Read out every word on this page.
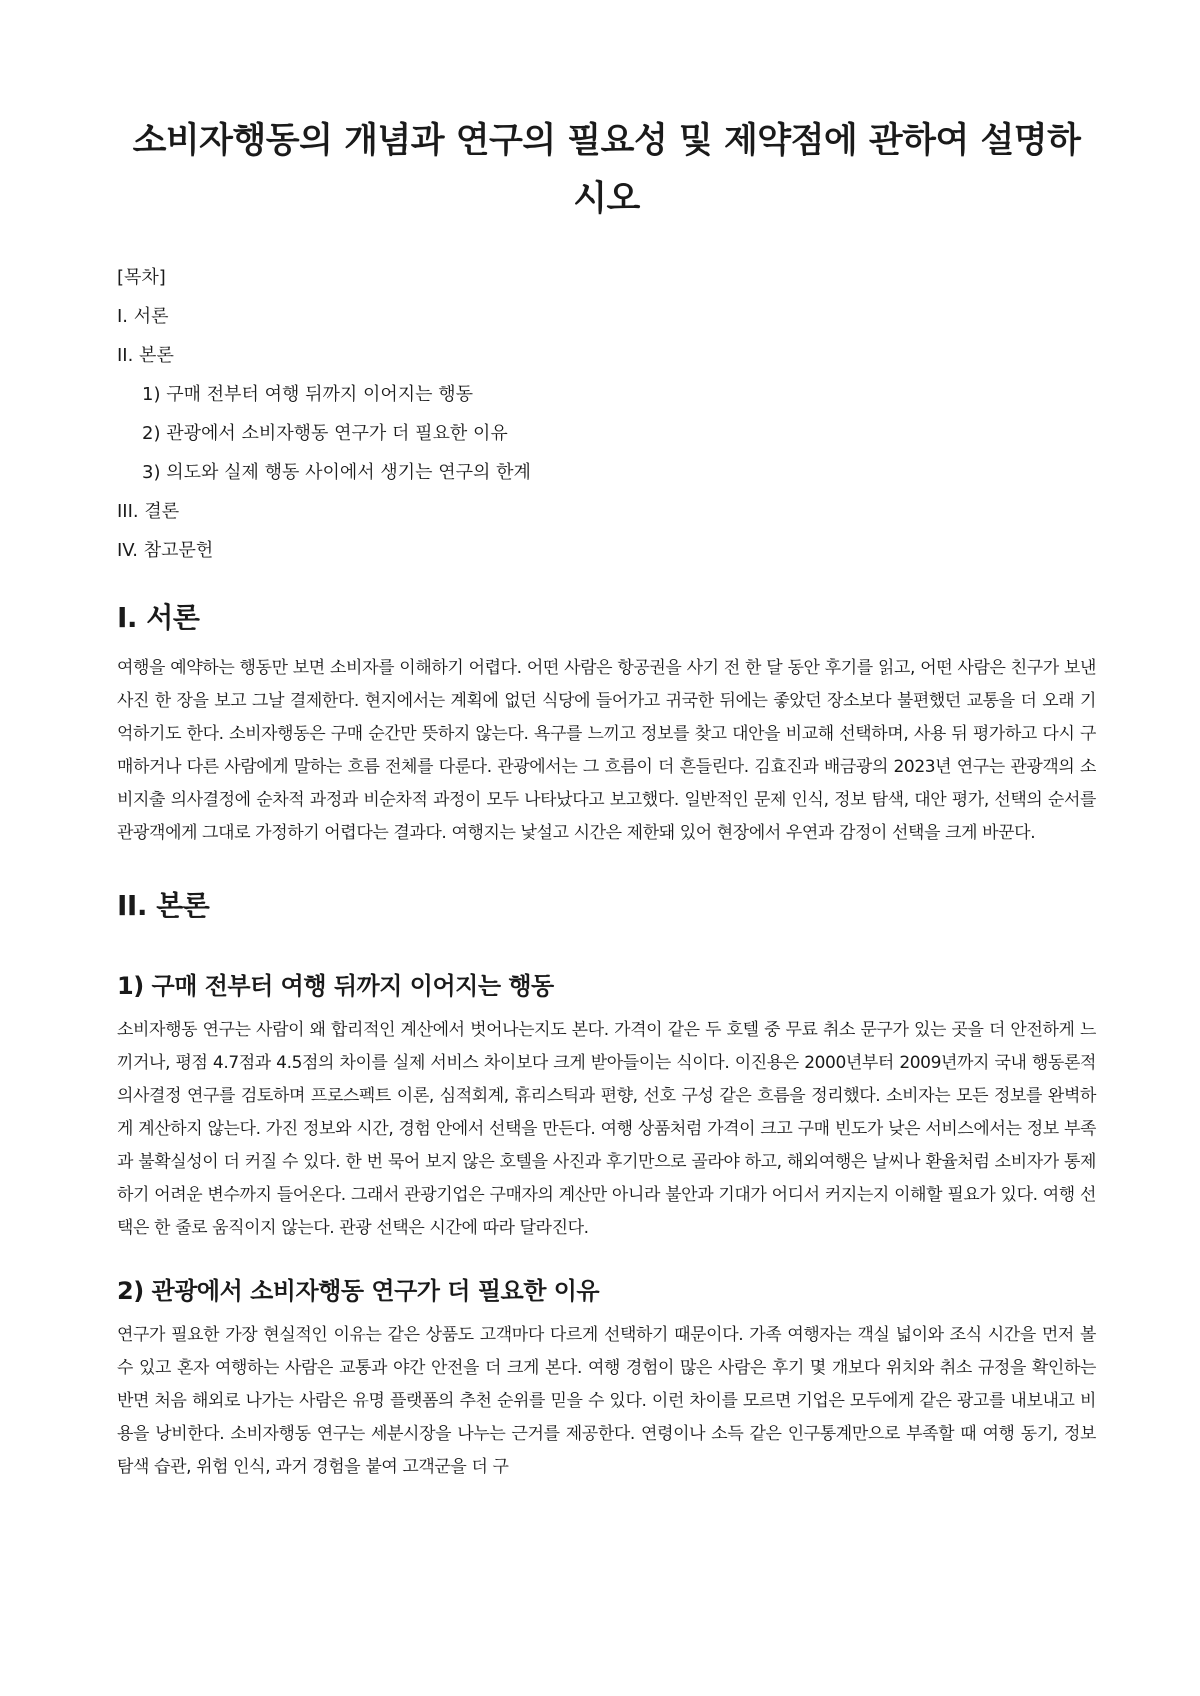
소비자행동의 개념과 연구의 필요성 및 제약점에 관하여 설명하시오
[목차]
I. 서론
II. 본론
1) 구매 전부터 여행 뒤까지 이어지는 행동
2) 관광에서 소비자행동 연구가 더 필요한 이유
3) 의도와 실제 행동 사이에서 생기는 연구의 한계
III. 결론
IV. 참고문헌
I. 서론

여행을 예약하는 행동만 보면 소비자를 이해하기 어렵다. 어떤 사람은 항공권을 사기 전 한 달 동안 후기를 읽고, 어떤 사람은 친구가 보낸 사진 한 장을 보고 그날 결제한다. 현지에서는 계획에 없던 식당에 들어가고 귀국한 뒤에는 좋았던 장소보다 불편했던 교통을 더 오래 기억하기도 한다. 소비자행동은 구매 순간만 뜻하지 않는다. 욕구를 느끼고 정보를 찾고 대안을 비교해 선택하며, 사용 뒤 평가하고 다시 구매하거나 다른 사람에게 말하는 흐름 전체를 다룬다. 관광에서는 그 흐름이 더 흔들린다. 김효진과 배금광의 2023년 연구는 관광객의 소비지출 의사결정에 순차적 과정과 비순차적 과정이 모두 나타났다고 보고했다. 일반적인 문제 인식, 정보 탐색, 대안 평가, 선택의 순서를 관광객에게 그대로 가정하기 어렵다는 결과다. 여행지는 낯설고 시간은 제한돼 있어 현장에서 우연과 감정이 선택을 크게 바꾼다.

II. 본론
1) 구매 전부터 여행 뒤까지 이어지는 행동

소비자행동 연구는 사람이 왜 합리적인 계산에서 벗어나는지도 본다. 가격이 같은 두 호텔 중 무료 취소 문구가 있는 곳을 더 안전하게 느끼거나, 평점 4.7점과 4.5점의 차이를 실제 서비스 차이보다 크게 받아들이는 식이다. 이진용은 2000년부터 2009년까지 국내 행동론적 의사결정 연구를 검토하며 프로스펙트 이론, 심적회계, 휴리스틱과 편향, 선호 구성 같은 흐름을 정리했다. 소비자는 모든 정보를 완벽하게 계산하지 않는다. 가진 정보와 시간, 경험 안에서 선택을 만든다. 여행 상품처럼 가격이 크고 구매 빈도가 낮은 서비스에서는 정보 부족과 불확실성이 더 커질 수 있다. 한 번 묵어 보지 않은 호텔을 사진과 후기만으로 골라야 하고, 해외여행은 날씨나 환율처럼 소비자가 통제하기 어려운 변수까지 들어온다. 그래서 관광기업은 구매자의 계산만 아니라 불안과 기대가 어디서 커지는지 이해할 필요가 있다. 여행 선택은 한 줄로 움직이지 않는다. 관광 선택은 시간에 따라 달라진다.

2) 관광에서 소비자행동 연구가 더 필요한 이유

연구가 필요한 가장 현실적인 이유는 같은 상품도 고객마다 다르게 선택하기 때문이다. 가족 여행자는 객실 넓이와 조식 시간을 먼저 볼 수 있고 혼자 여행하는 사람은 교통과 야간 안전을 더 크게 본다. 여행 경험이 많은 사람은 후기 몇 개보다 위치와 취소 규정을 확인하는 반면 처음 해외로 나가는 사람은 유명 플랫폼의 추천 순위를 믿을 수 있다. 이런 차이를 모르면 기업은 모두에게 같은 광고를 내보내고 비용을 낭비한다. 소비자행동 연구는 세분시장을 나누는 근거를 제공한다. 연령이나 소득 같은 인구통계만으로 부족할 때 여행 동기, 정보 탐색 습관, 위험 인식, 과거 경험을 붙여 고객군을 더 구
